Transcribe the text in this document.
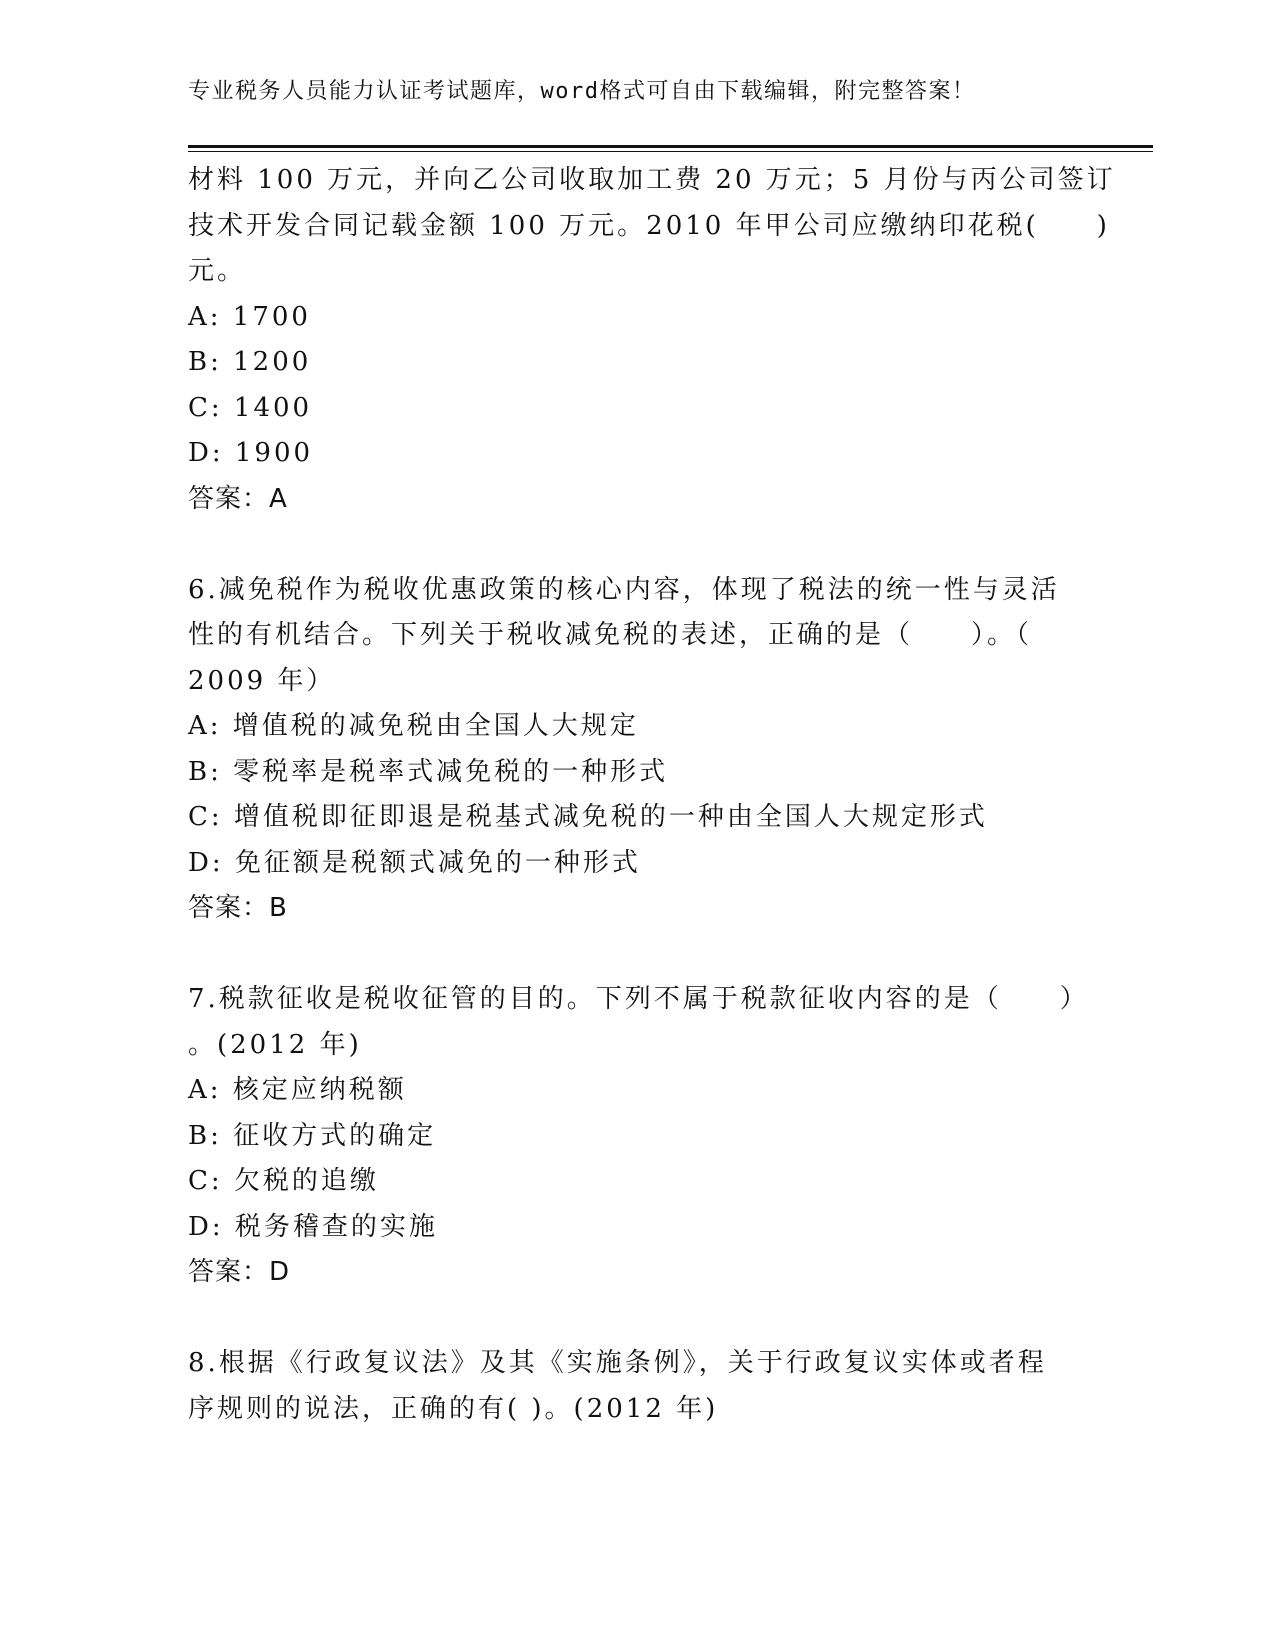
专业税务人员能力认证考试题库，word格式可自由下载编辑，附完整答案！
材料 100 万元，并向乙公司收取加工费 20 万元；5 月份与丙公司签订
技术开发合同记载金额 100 万元。2010 年甲公司应缴纳印花税(　　)
元。
A: 1700
B: 1200
C: 1400
D: 1900
答案：A
6.减免税作为税收优惠政策的核心内容，体现了税法的统一性与灵活
性的有机结合。下列关于税收减免税的表述，正确的是（　　）。（
2009 年）
A: 增值税的减免税由全国人大规定
B: 零税率是税率式减免税的一种形式
C: 增值税即征即退是税基式减免税的一种由全国人大规定形式
D: 免征额是税额式减免的一种形式
答案：B
7.税款征收是税收征管的目的。下列不属于税款征收内容的是（　　）
。(2012 年)
A: 核定应纳税额
B: 征收方式的确定
C: 欠税的追缴
D: 税务稽查的实施
答案：D
8.根据《行政复议法》及其《实施条例》，关于行政复议实体或者程
序规则的说法，正确的有( )。(2012 年)
